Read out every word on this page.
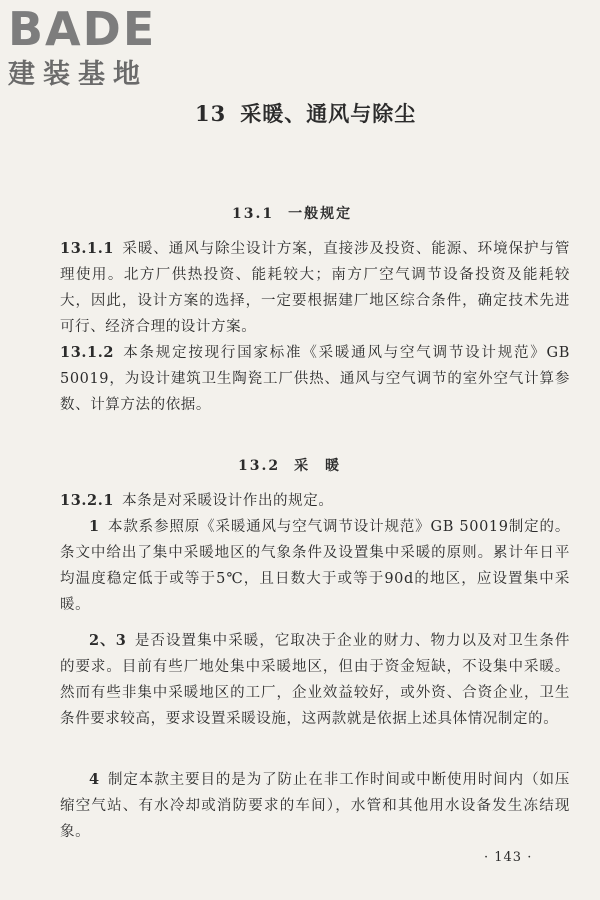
BADE
建装基地
13 采暖、通风与除尘
13.1 一般规定
13.1.1 采暖、通风与除尘设计方案，直接涉及投资、能源、环境保护与管理使用。北方厂供热投资、能耗较大；南方厂空气调节设备投资及能耗较大，因此，设计方案的选择，一定要根据建厂地区综合条件，确定技术先进可行、经济合理的设计方案。
13.1.2 本条规定按现行国家标准《采暖通风与空气调节设计规范》GB 50019，为设计建筑卫生陶瓷工厂供热、通风与空气调节的室外空气计算参数、计算方法的依据。
13.2 采 暖
13.2.1 本条是对采暖设计作出的规定。
1 本款系参照原《采暖通风与空气调节设计规范》GB 50019制定的。条文中给出了集中采暖地区的气象条件及设置集中采暖的原则。累计年日平均温度稳定低于或等于5℃，且日数大于或等于90d的地区，应设置集中采暖。
2、3 是否设置集中采暖，它取决于企业的财力、物力以及对卫生条件的要求。目前有些厂地处集中采暖地区，但由于资金短缺，不设集中采暖。然而有些非集中采暖地区的工厂，企业效益较好，或外资、合资企业，卫生条件要求较高，要求设置采暖设施，这两款就是依据上述具体情况制定的。
4 制定本款主要目的是为了防止在非工作时间或中断使用时间内（如压缩空气站、有水冷却或消防要求的车间），水管和其他用水设备发生冻结现象。
· 143 ·
